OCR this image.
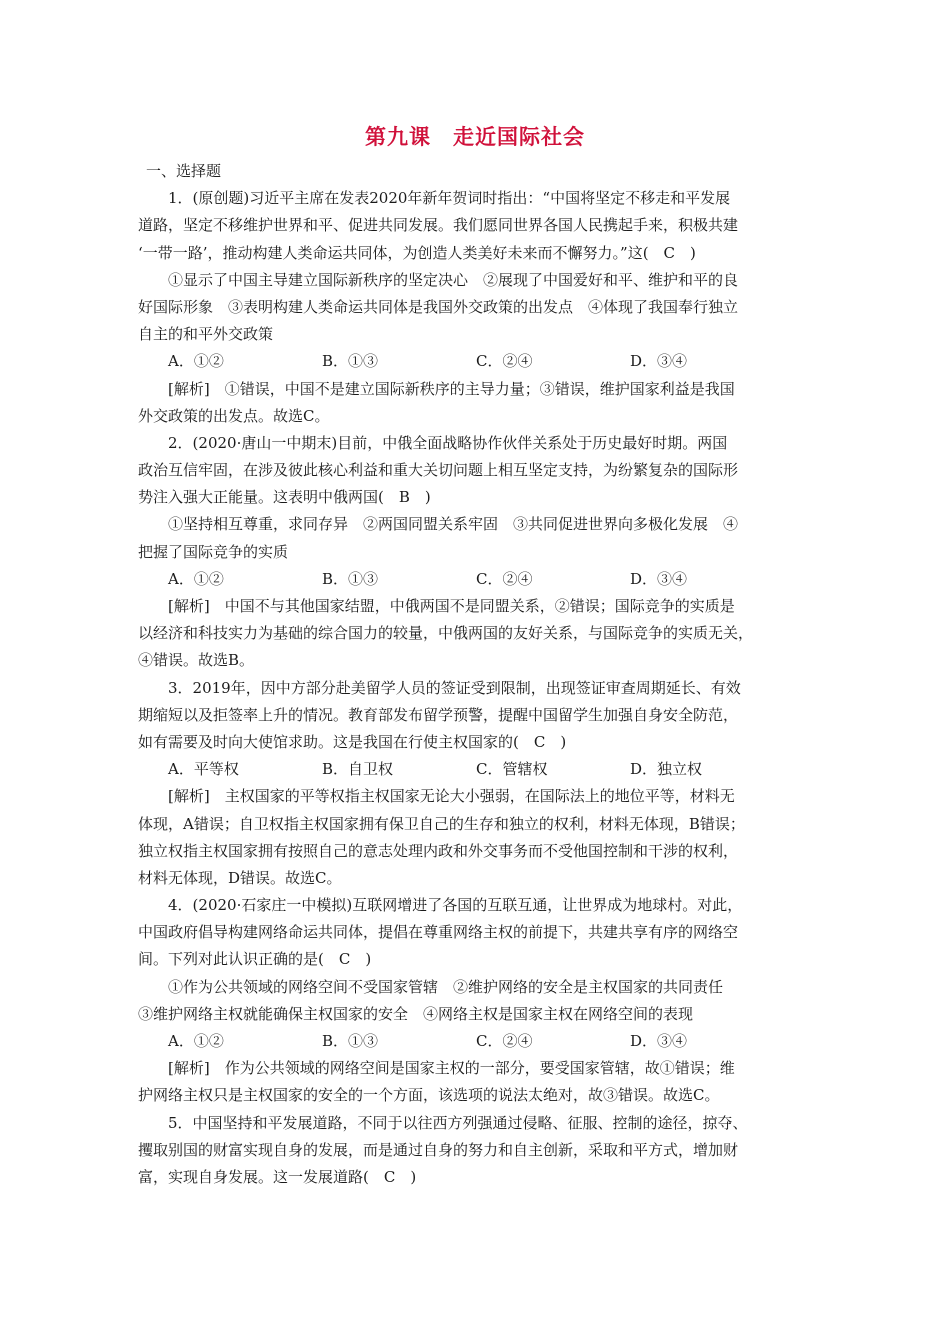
第九课　走近国际社会
一、选择题
1．(原创题)习近平主席在发表2020年新年贺词时指出：“中国将坚定不移走和平发展
道路，坚定不移维护世界和平、促进共同发展。我们愿同世界各国人民携起手来，积极共建
‘一带一路’，推动构建人类命运共同体，为创造人类美好未来而不懈努力。”这(　C　)
①显示了中国主导建立国际新秩序的坚定决心　②展现了中国爱好和平、维护和平的良
好国际形象　③表明构建人类命运共同体是我国外交政策的出发点　④体现了我国奉行独立
自主的和平外交政策
A．①②	B．①③	C．②④	D．③④
[解析]　①错误，中国不是建立国际新秩序的主导力量；③错误，维护国家利益是我国
外交政策的出发点。故选C。
2．(2020·唐山一中期末)目前，中俄全面战略协作伙伴关系处于历史最好时期。两国
政治互信牢固，在涉及彼此核心利益和重大关切问题上相互坚定支持，为纷繁复杂的国际形
势注入强大正能量。这表明中俄两国(　B　)
①坚持相互尊重，求同存异　②两国同盟关系牢固　③共同促进世界向多极化发展　④
把握了国际竞争的实质
A．①②	B．①③	C．②④	D．③④
[解析]　中国不与其他国家结盟，中俄两国不是同盟关系，②错误；国际竞争的实质是
以经济和科技实力为基础的综合国力的较量，中俄两国的友好关系，与国际竞争的实质无关，
④错误。故选B。
3．2019年，因中方部分赴美留学人员的签证受到限制，出现签证审查周期延长、有效
期缩短以及拒签率上升的情况。教育部发布留学预警，提醒中国留学生加强自身安全防范，
如有需要及时向大使馆求助。这是我国在行使主权国家的(　C　)
A．平等权	B．自卫权	C．管辖权	D．独立权
[解析]　主权国家的平等权指主权国家无论大小强弱，在国际法上的地位平等，材料无
体现，A错误；自卫权指主权国家拥有保卫自己的生存和独立的权利，材料无体现，B错误；
独立权指主权国家拥有按照自己的意志处理内政和外交事务而不受他国控制和干涉的权利，
材料无体现，D错误。故选C。
4．(2020·石家庄一中模拟)互联网增进了各国的互联互通，让世界成为地球村。对此，
中国政府倡导构建网络命运共同体，提倡在尊重网络主权的前提下，共建共享有序的网络空
间。下列对此认识正确的是(　C　)
①作为公共领域的网络空间不受国家管辖　②维护网络的安全是主权国家的共同责任
③维护网络主权就能确保主权国家的安全　④网络主权是国家主权在网络空间的表现
A．①②	B．①③	C．②④	D．③④
[解析]　作为公共领域的网络空间是国家主权的一部分，要受国家管辖，故①错误；维
护网络主权只是主权国家的安全的一个方面，该选项的说法太绝对，故③错误。故选C。
5．中国坚持和平发展道路，不同于以往西方列强通过侵略、征服、控制的途径，掠夺、
攫取别国的财富实现自身的发展，而是通过自身的努力和自主创新，采取和平方式，增加财
富，实现自身发展。这一发展道路(　C　)
